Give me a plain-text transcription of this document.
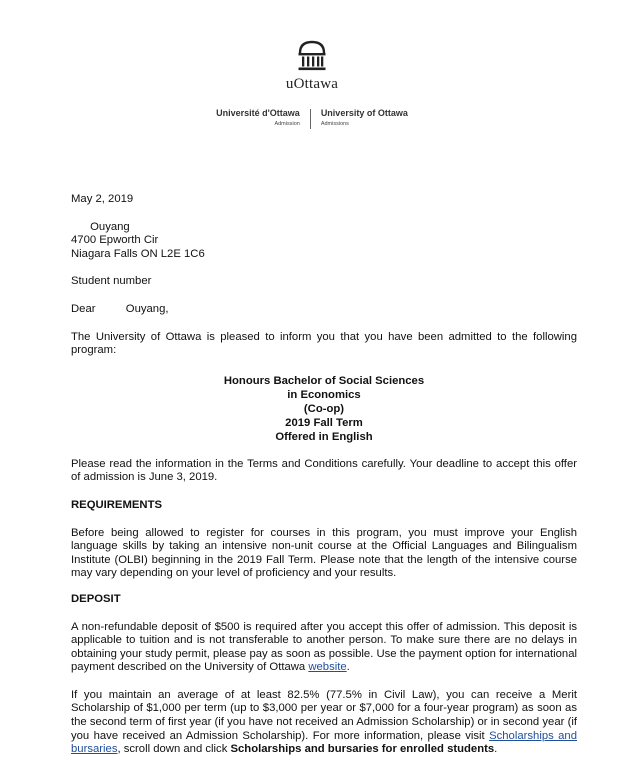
uOttawa
Université d'Ottawa
Admission
University of Ottawa
Admissions

May 2, 2019

Ouyang

4700 Epworth Cir

Niagara Falls ON L2E 1C6

Student number

Dear	Ouyang,

The University of Ottawa is pleased to inform you that you have been admitted to the following program:

Honours Bachelor of Social Sciences
in Economics
(Co-op)
2019 Fall Term
Offered in English

Please read the information in the Terms and Conditions carefully. Your deadline to accept this offer of admission is June 3, 2019.

REQUIREMENTS

Before being allowed to register for courses in this program, you must improve your English language skills by taking an intensive non-unit course at the Official Languages and Bilingualism Institute (OLBI) beginning in the 2019 Fall Term. Please note that the length of the intensive course may vary depending on your level of proficiency and your results.

DEPOSIT

A non-refundable deposit of $500 is required after you accept this offer of admission. This deposit is applicable to tuition and is not transferable to another person. To make sure there are no delays in obtaining your study permit, please pay as soon as possible. Use the payment option for international payment described on the University of Ottawa website.

If you maintain an average of at least 82.5% (77.5% in Civil Law), you can receive a Merit Scholarship of $1,000 per term (up to $3,000 per year or $7,000 for a four-year program) as soon as the second term of first year (if you have not received an Admission Scholarship) or in second year (if you have received an Admission Scholarship). For more information, please visit Scholarships and bursaries, scroll down and click Scholarships and bursaries for enrolled students.
